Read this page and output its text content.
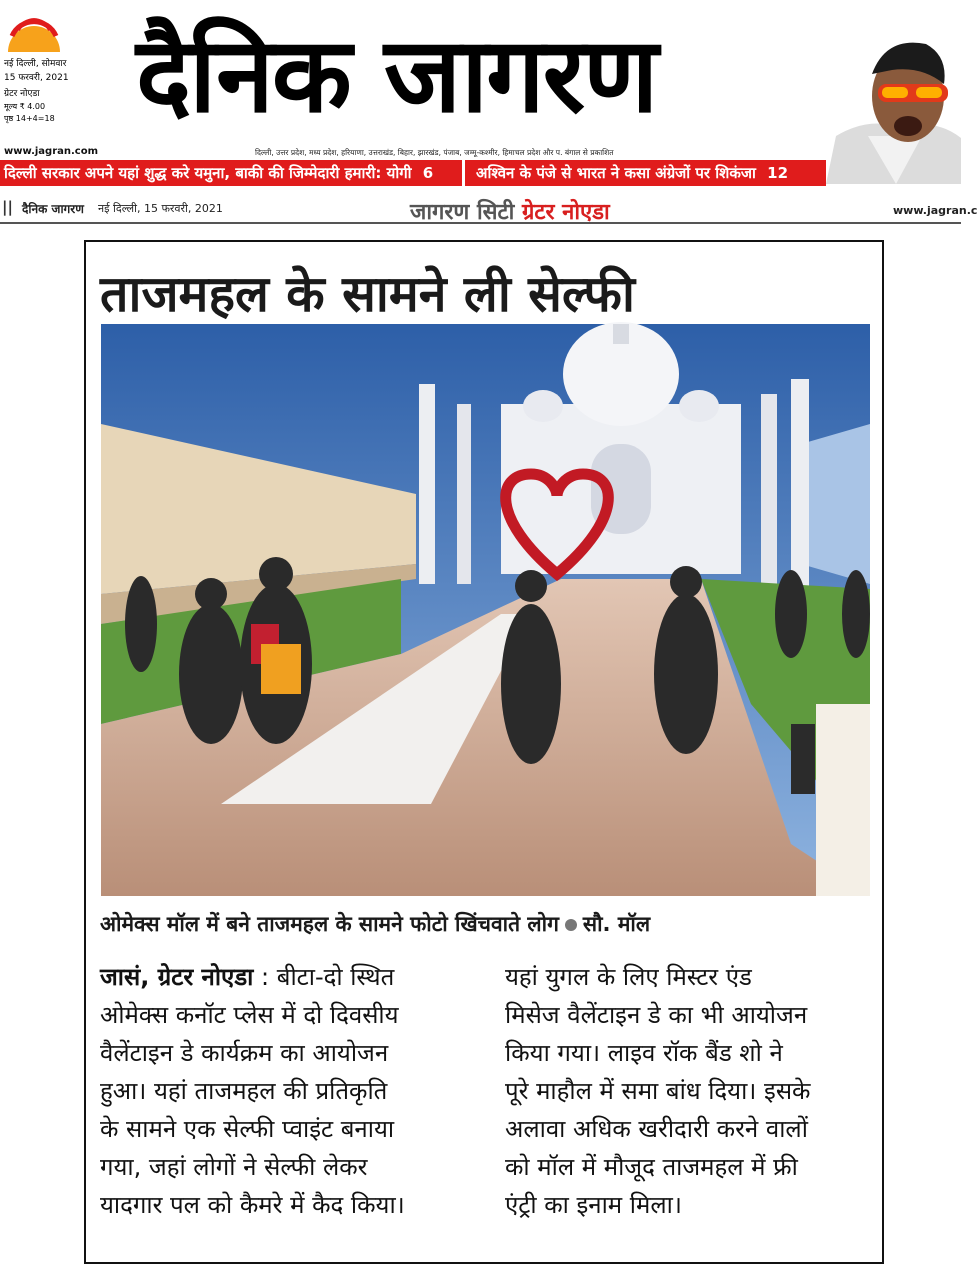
नई दिल्ली, सोमवार
15 फरवरी, 2021
ग्रेटर नोएडा
मूल्य ₹ 4.00
पृष्ठ 14+4=18 दैनिक जागरण
www.jagran.com	दिल्ली, उत्तर प्रदेश, मध्य प्रदेश, हरियाणा, उत्तराखंड, बिहार, झारखंड, पंजाब, जम्मू-कश्मीर, हिमाचल प्रदेश और प. बंगाल से प्रकाशित
दिल्ली सरकार अपने यहां शुद्ध करे यमुना, बाकी की जिम्मेदारी हमारी: योगी 6	अश्विन के पंजे से भारत ने कसा अंग्रेजों पर शिकंजा 12
|| दैनिक जागरण नई दिल्ली, 15 फरवरी, 2021	जागरण सिटी ग्रेटर नोएडा	www.jagran.c
ताजमहल के सामने ली सेल्फी
ओमेक्स मॉल में बने ताजमहल के सामने फोटो खिंचवाते लोग सौ. मॉल

जासं, ग्रेटर नोएडा : बीटा-दो स्थित

ओमेक्स कनॉट प्लेस में दो दिवसीय

वैलेंटाइन डे कार्यक्रम का आयोजन

हुआ। यहां ताजमहल की प्रतिकृति

के सामने एक सेल्फी प्वाइंट बनाया

गया, जहां लोगों ने सेल्फी लेकर

यादगार पल को कैमरे में कैद किया।

यहां युगल के लिए मिस्टर एंड

मिसेज वैलेंटाइन डे का भी आयोजन

किया गया। लाइव रॉक बैंड शो ने

पूरे माहौल में समा बांध दिया। इसके

अलावा अधिक खरीदारी करने वालों

को मॉल में मौजूद ताजमहल में फ्री

एंट्री का इनाम मिला।
